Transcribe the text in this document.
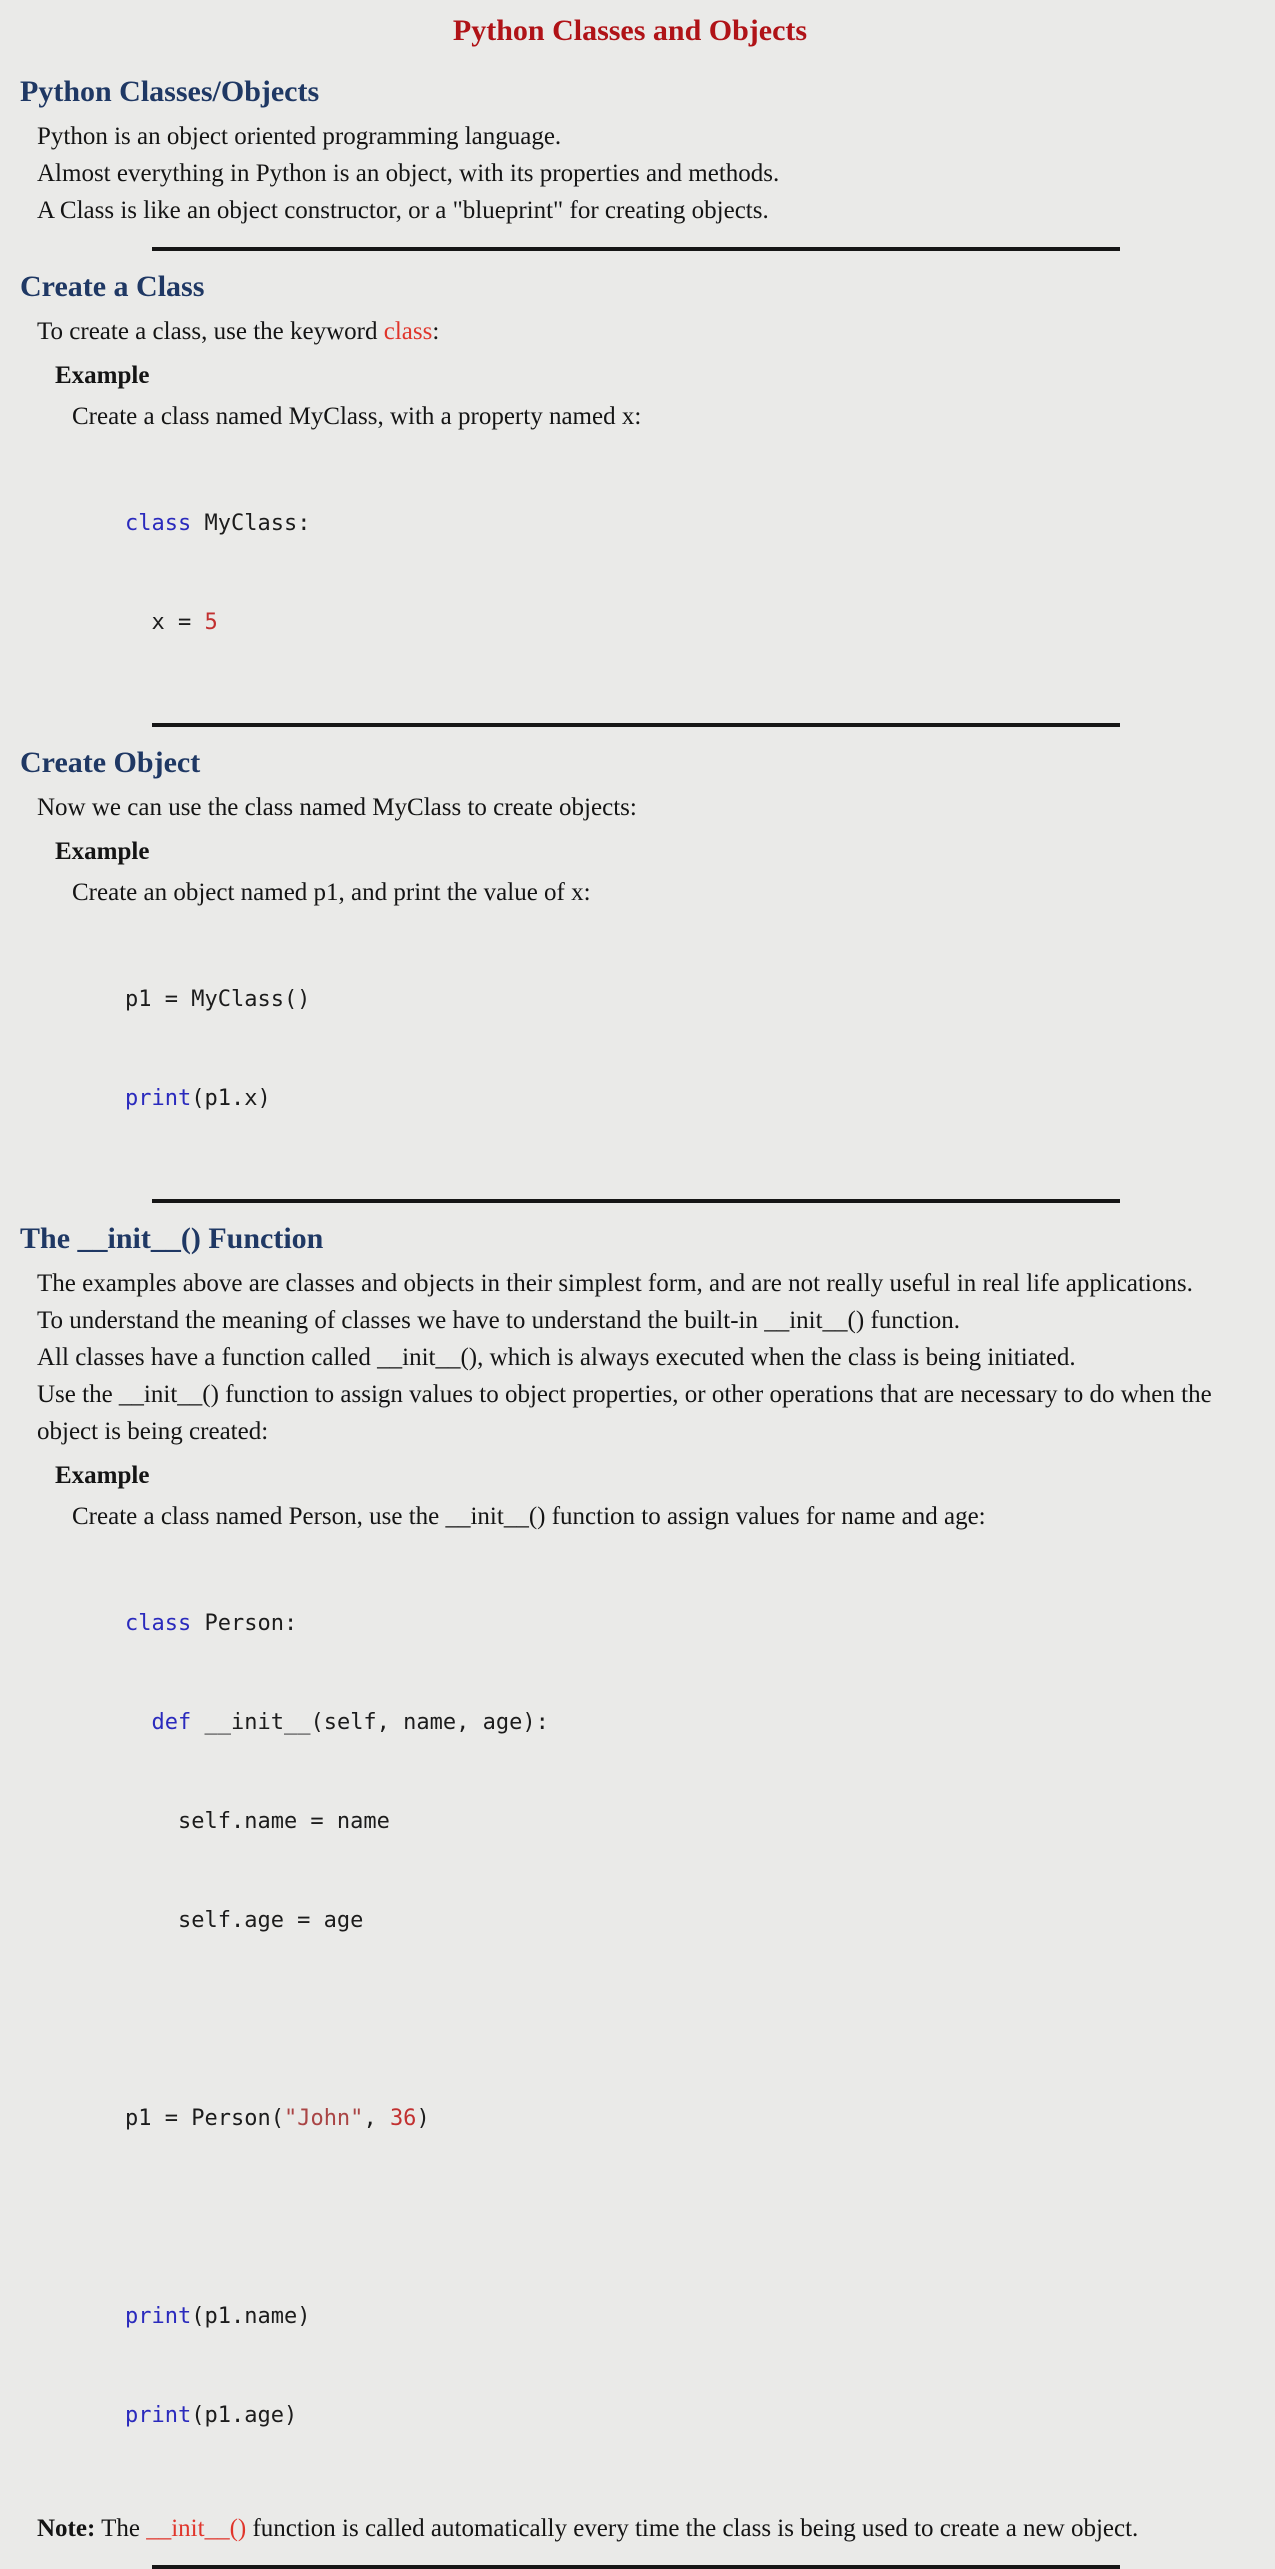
Python Classes and Objects
Python Classes/Objects
Python is an object oriented programming language.
Almost everything in Python is an object, with its properties and methods.
A Class is like an object constructor, or a "blueprint" for creating objects.
Create a Class
To create a class, use the keyword class:
Example
Create a class named MyClass, with a property named x:

class MyClass:

x = 5

Create Object
Now we can use the class named MyClass to create objects:
Example
Create an object named p1, and print the value of x:

p1 = MyClass()

print(p1.x)

The __init__() Function
The examples above are classes and objects in their simplest form, and are not really useful in real life applications.
To understand the meaning of classes we have to understand the built-in __init__() function.
All classes have a function called __init__(), which is always executed when the class is being initiated.
Use the __init__() function to assign values to object properties, or other operations that are necessary to do when the object is being created:
Example
Create a class named Person, use the __init__() function to assign values for name and age:

class Person:

def __init__(self, name, age):

self.name = name

self.age = age

p1 = Person("John", 36)

print(p1.name)

print(p1.age)

Note: The __init__() function is called automatically every time the class is being used to create a new object.
